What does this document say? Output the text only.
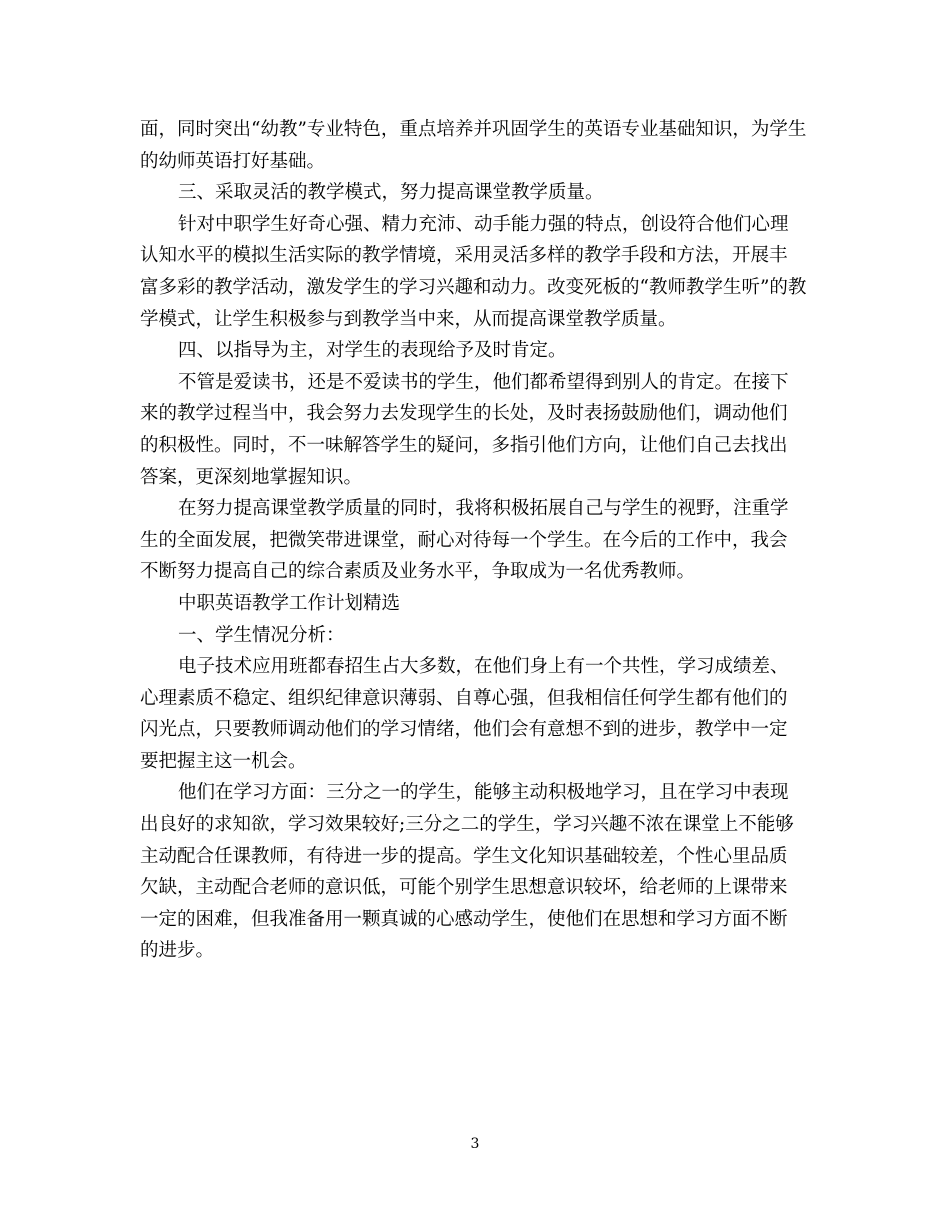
面，同时突出“幼教”专业特色，重点培养并巩固学生的英语专业基础知识，为学生
的幼师英语打好基础。
三、采取灵活的教学模式，努力提高课堂教学质量。
针对中职学生好奇心强、精力充沛、动手能力强的特点，创设符合他们心理
认知水平的模拟生活实际的教学情境，采用灵活多样的教学手段和方法，开展丰
富多彩的教学活动，激发学生的学习兴趣和动力。改变死板的“教师教学生听”的教
学模式，让学生积极参与到教学当中来，从而提高课堂教学质量。
四、以指导为主，对学生的表现给予及时肯定。
不管是爱读书，还是不爱读书的学生，他们都希望得到别人的肯定。在接下
来的教学过程当中，我会努力去发现学生的长处，及时表扬鼓励他们，调动他们
的积极性。同时，不一味解答学生的疑问，多指引他们方向，让他们自己去找出
答案，更深刻地掌握知识。
在努力提高课堂教学质量的同时，我将积极拓展自己与学生的视野，注重学
生的全面发展，把微笑带进课堂，耐心对待每一个学生。在今后的工作中，我会
不断努力提高自己的综合素质及业务水平，争取成为一名优秀教师。
中职英语教学工作计划精选
一、学生情况分析：
电子技术应用班都春招生占大多数，在他们身上有一个共性，学习成绩差、
心理素质不稳定、组织纪律意识薄弱、自尊心强，但我相信任何学生都有他们的
闪光点，只要教师调动他们的学习情绪，他们会有意想不到的进步，教学中一定
要把握主这一机会。
他们在学习方面：三分之一的学生，能够主动积极地学习，且在学习中表现
出良好的求知欲，学习效果较好;三分之二的学生，学习兴趣不浓在课堂上不能够
主动配合任课教师，有待进一步的提高。学生文化知识基础较差，个性心里品质
欠缺，主动配合老师的意识低，可能个别学生思想意识较坏，给老师的上课带来
一定的困难，但我准备用一颗真诚的心感动学生，使他们在思想和学习方面不断
的进步。
3
